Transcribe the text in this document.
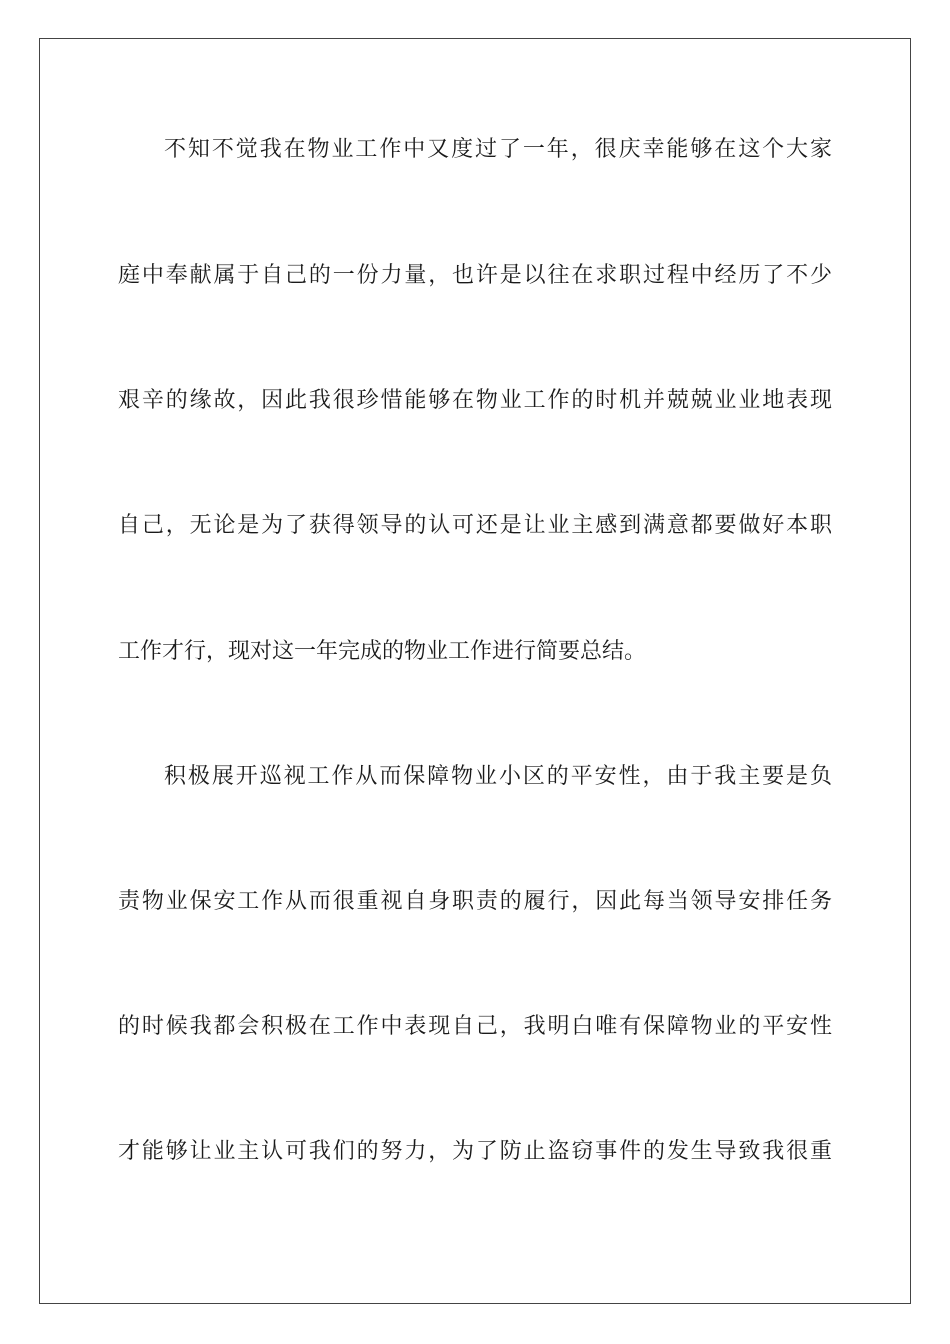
不知不觉我在物业工作中又度过了一年，很庆幸能够在这个大家
庭中奉献属于自己的一份力量，也许是以往在求职过程中经历了不少
艰辛的缘故，因此我很珍惜能够在物业工作的时机并兢兢业业地表现
自己，无论是为了获得领导的认可还是让业主感到满意都要做好本职
工作才行，现对这一年完成的物业工作进行简要总结。
积极展开巡视工作从而保障物业小区的平安性，由于我主要是负
责物业保安工作从而很重视自身职责的履行，因此每当领导安排任务
的时候我都会积极在工作中表现自己，我明白唯有保障物业的平安性
才能够让业主认可我们的努力，为了防止盗窃事件的发生导致我很重
